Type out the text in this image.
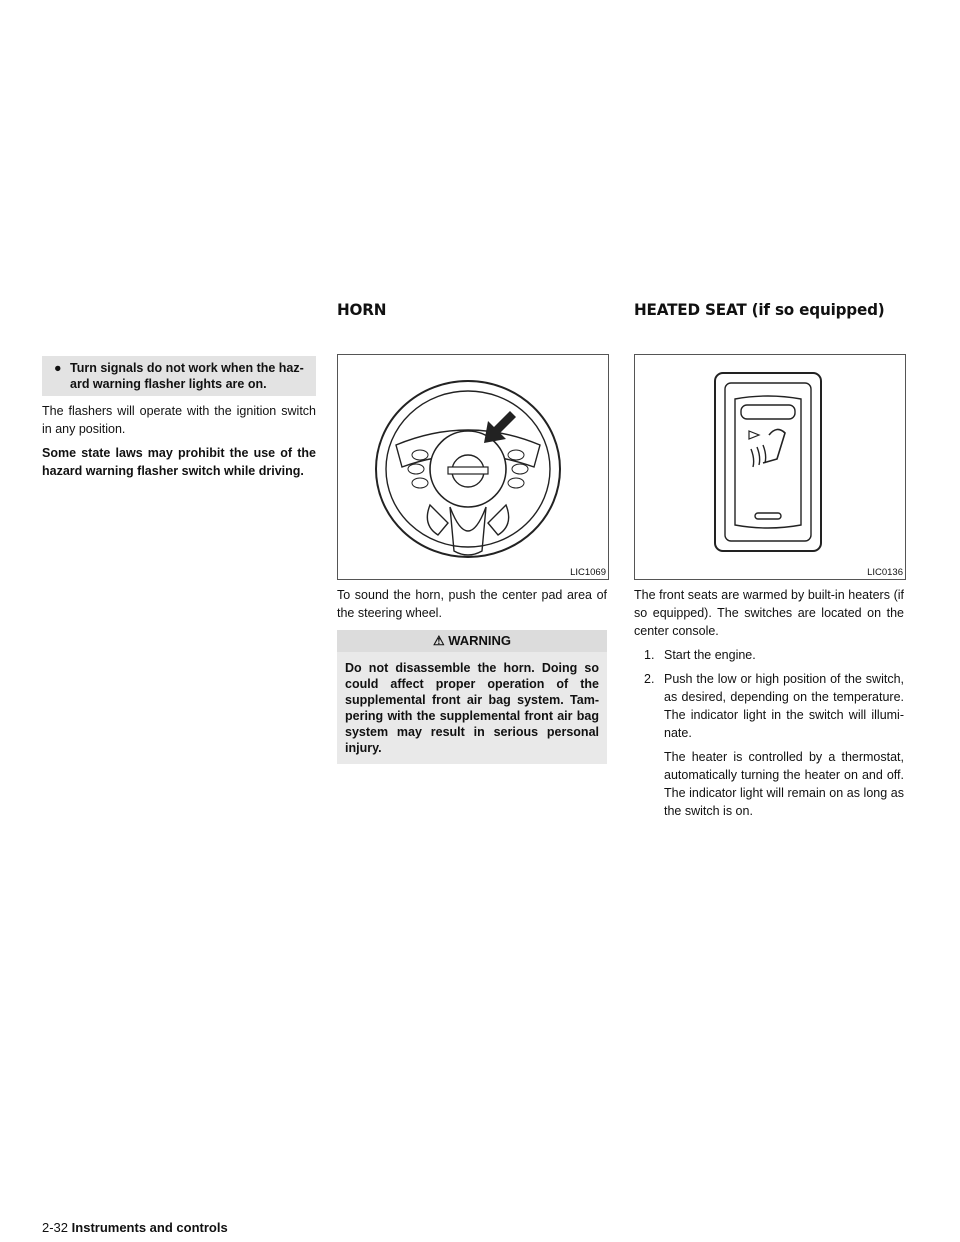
HORN	HEATED SEAT (if so equipped)
● Turn signals do not work when the haz-ard warning flasher lights are on.

The flashers will operate with the ignition switch in any position.

Some state laws may prohibit the use of the hazard warning flasher switch while driving.

LIC1069

To sound the horn, push the center pad area of the steering wheel.

⚠ WARNING
Do not disassemble the horn. Doing so could affect proper operation of the supplemental front air bag system. Tam-pering with the supplemental front air bag system may result in serious personal injury.
LIC0136

The front seats are warmed by built-in heaters (if so equipped). The switches are located on the center console.

1. Start the engine.

2. Push the low or high position of the switch, as desired, depending on the temperature. The indicator light in the switch will illumi-nate.

The heater is controlled by a thermostat, automatically turning the heater on and off. The indicator light will remain on as long as the switch is on.

2-32 Instruments and controls
